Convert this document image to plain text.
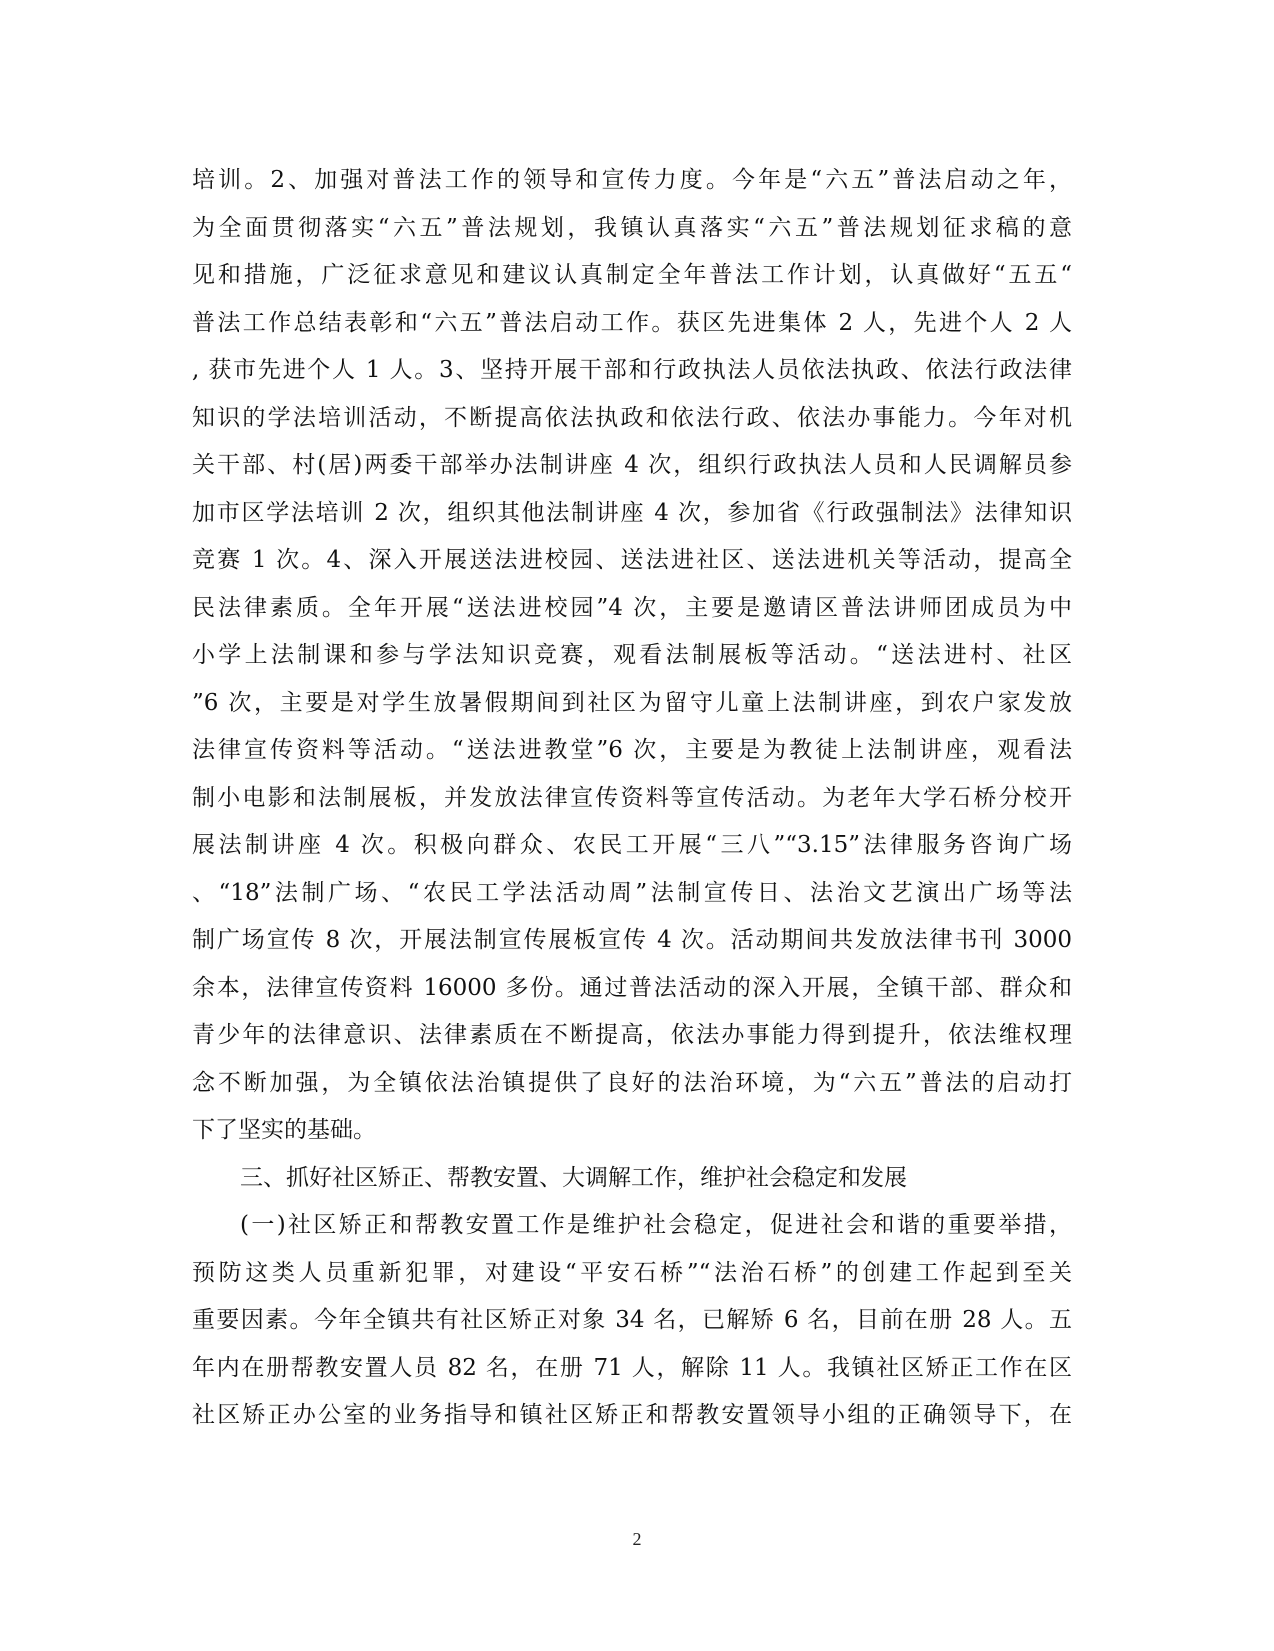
培训。2、加强对普法工作的领导和宣传力度。今年是“六五”普法启动之年，
为全面贯彻落实“六五”普法规划，我镇认真落实“六五”普法规划征求稿的意
见和措施，广泛征求意见和建议认真制定全年普法工作计划，认真做好“五五“
普法工作总结表彰和“六五”普法启动工作。获区先进集体 2 人，先进个人 2 人
, 获市先进个人 1 人。3、坚持开展干部和行政执法人员依法执政、依法行政法律
知识的学法培训活动，不断提高依法执政和依法行政、依法办事能力。今年对机
关干部、村(居)两委干部举办法制讲座 4 次，组织行政执法人员和人民调解员参
加市区学法培训 2 次，组织其他法制讲座 4 次，参加省《行政强制法》法律知识
竞赛 1 次。4、深入开展送法进校园、送法进社区、送法进机关等活动，提高全
民法律素质。全年开展“送法进校园”4 次，主要是邀请区普法讲师团成员为中
小学上法制课和参与学法知识竞赛，观看法制展板等活动。“送法进村、社区
”6 次，主要是对学生放暑假期间到社区为留守儿童上法制讲座，到农户家发放
法律宣传资料等活动。“送法进教堂”6 次，主要是为教徒上法制讲座，观看法
制小电影和法制展板，并发放法律宣传资料等宣传活动。为老年大学石桥分校开
展法制讲座 4 次。积极向群众、农民工开展“三八”“3.15”法律服务咨询广场
、“18”法制广场、“农民工学法活动周”法制宣传日、法治文艺演出广场等法
制广场宣传 8 次，开展法制宣传展板宣传 4 次。活动期间共发放法律书刊 3000
余本，法律宣传资料 16000 多份。通过普法活动的深入开展，全镇干部、群众和
青少年的法律意识、法律素质在不断提高，依法办事能力得到提升，依法维权理
念不断加强，为全镇依法治镇提供了良好的法治环境，为“六五”普法的启动打
下了坚实的基础。
三、抓好社区矫正、帮教安置、大调解工作，维护社会稳定和发展
(一)社区矫正和帮教安置工作是维护社会稳定，促进社会和谐的重要举措，
预防这类人员重新犯罪，对建设“平安石桥”“法治石桥”的创建工作起到至关
重要因素。今年全镇共有社区矫正对象 34 名，已解矫 6 名，目前在册 28 人。五
年内在册帮教安置人员 82 名，在册 71 人，解除 11 人。我镇社区矫正工作在区
社区矫正办公室的业务指导和镇社区矫正和帮教安置领导小组的正确领导下，在
2
